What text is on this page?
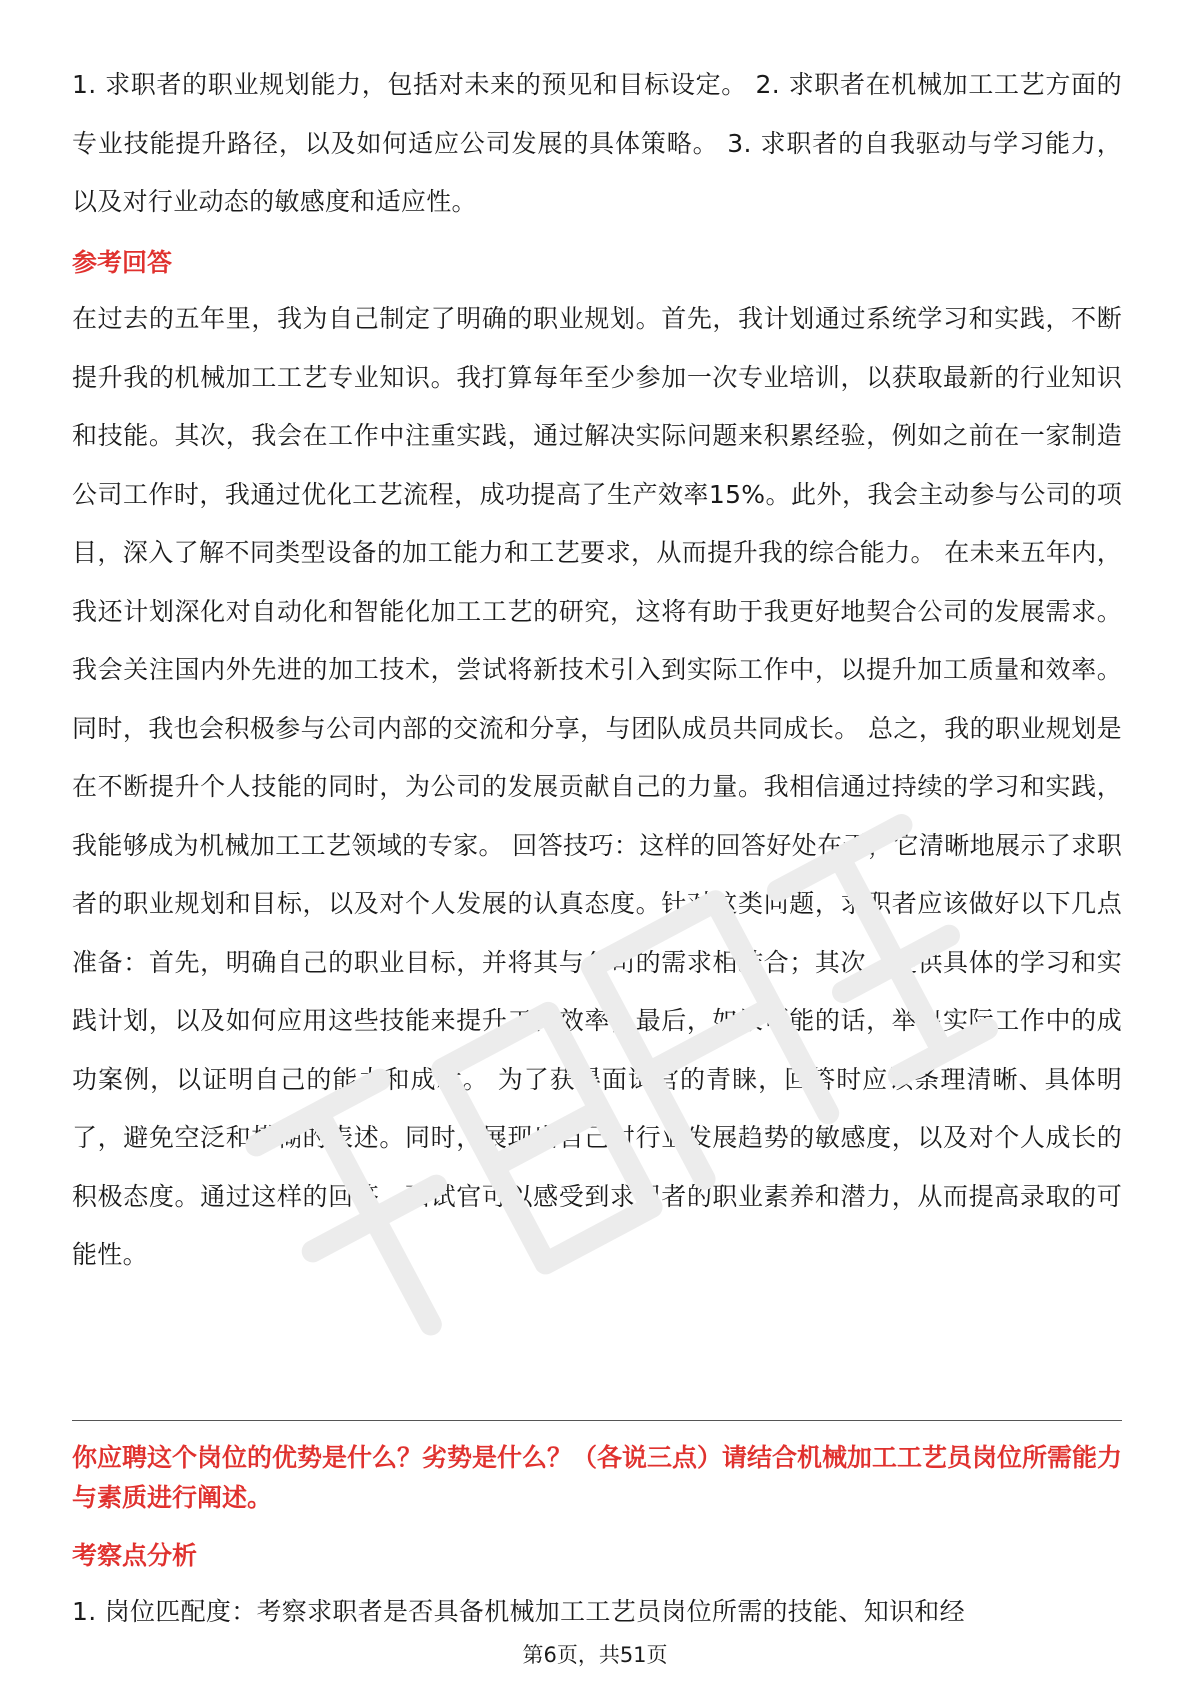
1. 求职者的职业规划能力，包括对未来的预见和目标设定。 2. 求职者在机械加工工艺方面的专业技能提升路径，以及如何适应公司发展的具体策略。 3. 求职者的自我驱动与学习能力，以及对行业动态的敏感度和适应性。

参考回答

在过去的五年里，我为自己制定了明确的职业规划。首先，我计划通过系统学习和实践，不断提升我的机械加工工艺专业知识。我打算每年至少参加一次专业培训，以获取最新的行业知识和技能。其次，我会在工作中注重实践，通过解决实际问题来积累经验，例如之前在一家制造公司工作时，我通过优化工艺流程，成功提高了生产效率15%。此外，我会主动参与公司的项目，深入了解不同类型设备的加工能力和工艺要求，从而提升我的综合能力。 在未来五年内，我还计划深化对自动化和智能化加工工艺的研究，这将有助于我更好地契合公司的发展需求。我会关注国内外先进的加工技术，尝试将新技术引入到实际工作中，以提升加工质量和效率。同时，我也会积极参与公司内部的交流和分享，与团队成员共同成长。 总之，我的职业规划是在不断提升个人技能的同时，为公司的发展贡献自己的力量。我相信通过持续的学习和实践，我能够成为机械加工工艺领域的专家。 回答技巧：这样的回答好处在于，它清晰地展示了求职者的职业规划和目标，以及对个人发展的认真态度。针对这类问题，求职者应该做好以下几点准备：首先，明确自己的职业目标，并将其与公司的需求相结合；其次，提供具体的学习和实践计划，以及如何应用这些技能来提升工作效率；最后，如果可能的话，举出实际工作中的成功案例，以证明自己的能力和成就。 为了获得面试官的青睐，回答时应该条理清晰、具体明了，避免空泛和模糊的表述。同时，展现出自己对行业发展趋势的敏感度，以及对个人成长的积极态度。通过这样的回答，面试官可以感受到求职者的职业素养和潜力，从而提高录取的可能性。

你应聘这个岗位的优势是什么？劣势是什么？（各说三点）请结合机械加工工艺员岗位所需能力与素质进行阐述。
考察点分析

1. 岗位匹配度：考察求职者是否具备机械加工工艺员岗位所需的技能、知识和经

第6页，共51页
